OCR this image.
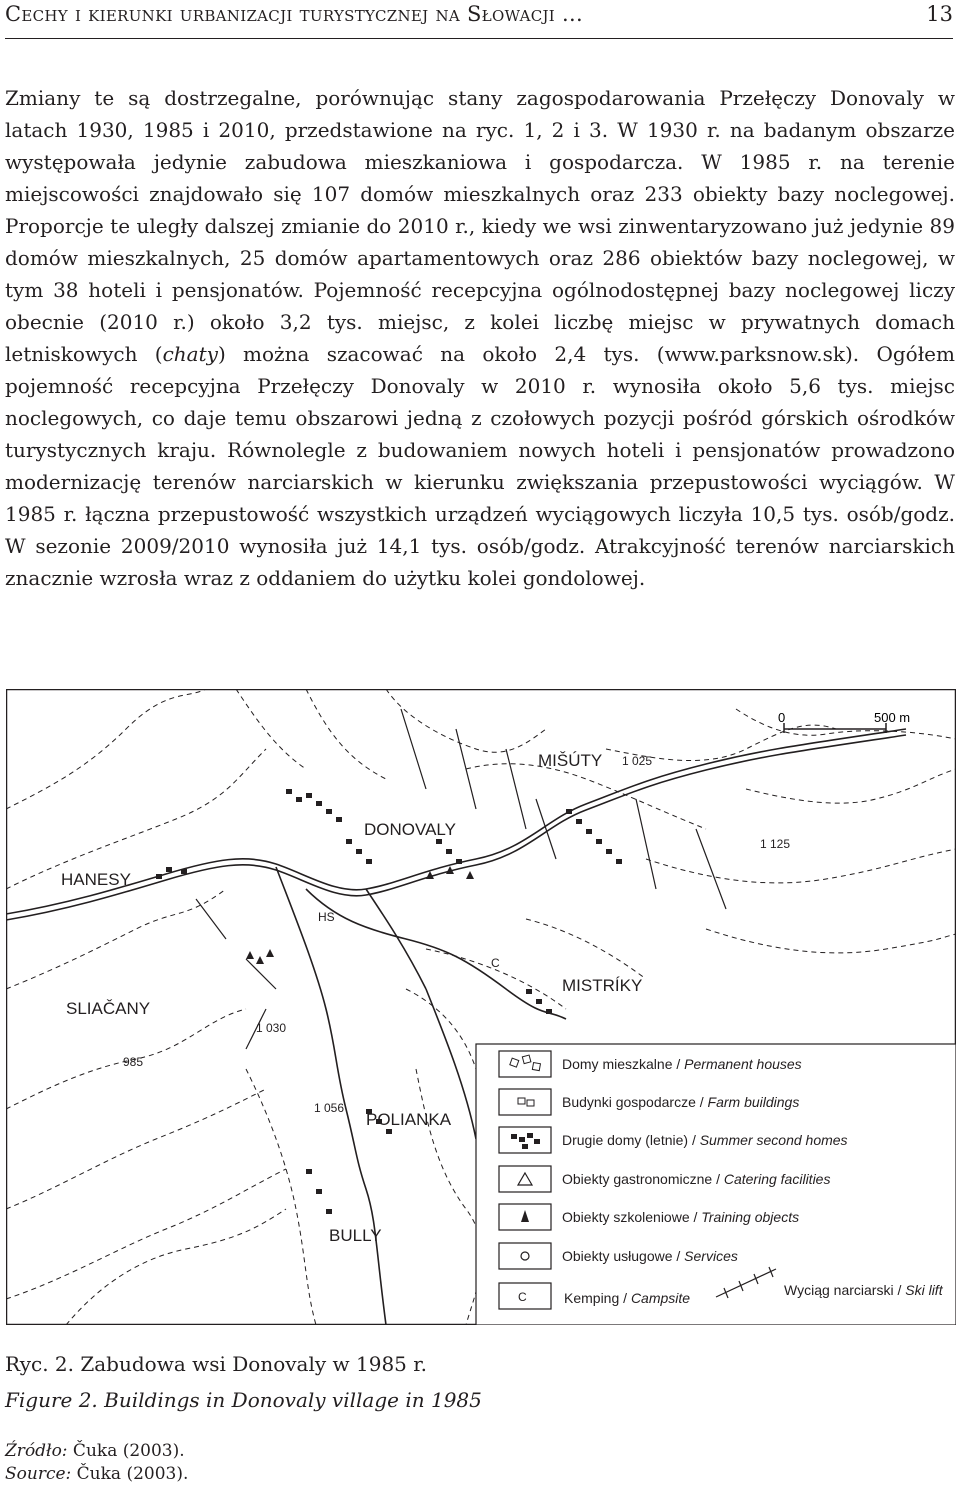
Cechy i kierunki urbanizacji turystycznej na Słowacji ...	13
Zmiany te są dostrzegalne, porównując stany zagospodarowania Przełęczy Donovaly w latach 1930, 1985 i 2010, przedstawione na ryc. 1, 2 i 3. W 1930 r. na badanym obszarze występowała jedynie zabudowa mieszkaniowa i gospodarcza. W 1985 r. na terenie miejscowości znajdowało się 107 domów mieszkalnych oraz 233 obiekty bazy noclegowej. Proporcje te uległy dalszej zmianie do 2010 r., kiedy we wsi zinwentaryzowano już jedynie 89 domów mieszkalnych, 25 domów apartamentowych oraz 286 obiektów bazy noclegowej, w tym 38 hoteli i pensjonatów. Pojemność recepcyjna ogólnodostępnej bazy noclegowej liczy obecnie (2010 r.) około 3,2 tys. miejsc, z kolei liczbę miejsc w prywatnych domach letniskowych (chaty) można szacować na około 2,4 tys. (www.parksnow.sk). Ogółem pojemność recepcyjna Przełęczy Donovaly w 2010 r. wynosiła około 5,6 tys. miejsc noclegowych, co daje temu obszarowi jedną z czołowych pozycji pośród górskich ośrodków turystycznych kraju. Równolegle z budowaniem nowych hoteli i pensjonatów prowadzono modernizację terenów narciarskich w kierunku zwiększania przepustowości wyciągów. W 1985 r. łączna przepustowość wszystkich urządzeń wyciągowych liczyła 10,5 tys. osób/godz. W sezonie 2009/2010 wynosiła już 14,1 tys. osób/godz. Atrakcyjność terenów narciarskich znacznie wzrosła wraz z oddaniem do użytku kolei gondolowej.
0	500 m
MIŠÚTY
DONOVALY
HANESY
SLIAČANY
MISTRÍKY
POLIANKA
BULLY
1 025
1 125
1 030
985
1 056
HS
C
C
Domy mieszkalne / Permanent houses
Budynki gospodarcze / Farm buildings
Drugie domy (letnie) / Summer second homes
Obiekty gastronomiczne / Catering facilities
Obiekty szkoleniowe / Training objects
Obiekty usługowe / Services
Kemping / Campsite	Wyciąg narciarski / Ski lift
Ryc. 2. Zabudowa wsi Donovaly w 1985 r.
Figure 2. Buildings in Donovaly village in 1985
Źródło: Čuka (2003).
Source: Čuka (2003).
